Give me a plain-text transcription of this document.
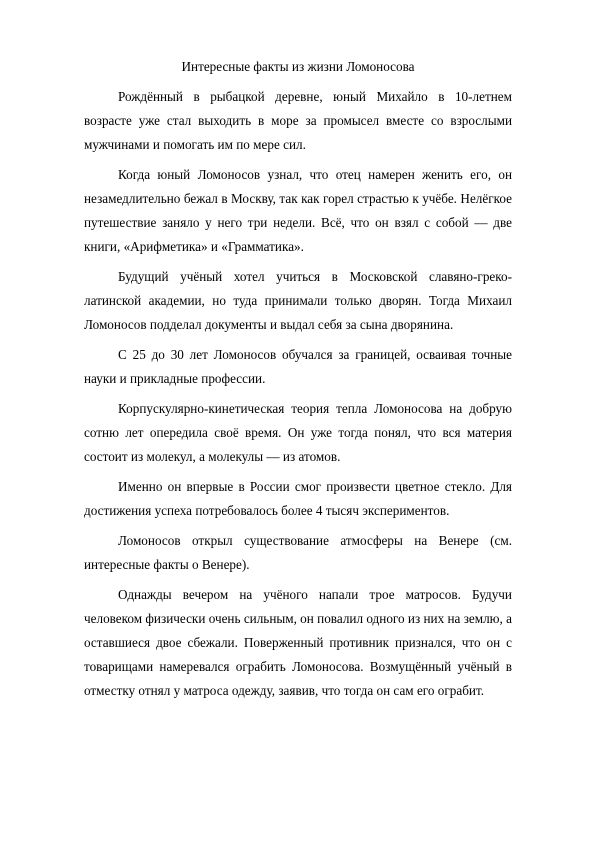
Интересные факты из жизни Ломоносова

Рождённый в рыбацкой деревне, юный Михайло в 10-летнем возрасте уже стал выходить в море за промысел вместе со взрослыми мужчинами и помогать им по мере сил.

Когда юный Ломоносов узнал, что отец намерен женить его, он незамедлительно бежал в Москву, так как горел страстью к учёбе. Нелёгкое путешествие заняло у него три недели. Всё, что он взял с собой — две книги, «Арифметика» и «Грамматика».

Будущий учёный хотел учиться в Московской славяно-греко-латинской академии, но туда принимали только дворян. Тогда Михаил Ломоносов подделал документы и выдал себя за сына дворянина.

С 25 до 30 лет Ломоносов обучался за границей, осваивая точные науки и прикладные профессии.

Корпускулярно-кинетическая теория тепла Ломоносова на добрую сотню лет опередила своё время. Он уже тогда понял, что вся материя состоит из молекул, а молекулы — из атомов.

Именно он впервые в России смог произвести цветное стекло. Для достижения успеха потребовалось более 4 тысяч экспериментов.

Ломоносов открыл существование атмосферы на Венере (см. интересные факты о Венере).

Однажды вечером на учёного напали трое матросов. Будучи человеком физически очень сильным, он повалил одного из них на землю, а оставшиеся двое сбежали. Поверженный противник признался, что он с товарищами намеревался ограбить Ломоносова. Возмущённый учёный в отместку отнял у матроса одежду, заявив, что тогда он сам его ограбит.
